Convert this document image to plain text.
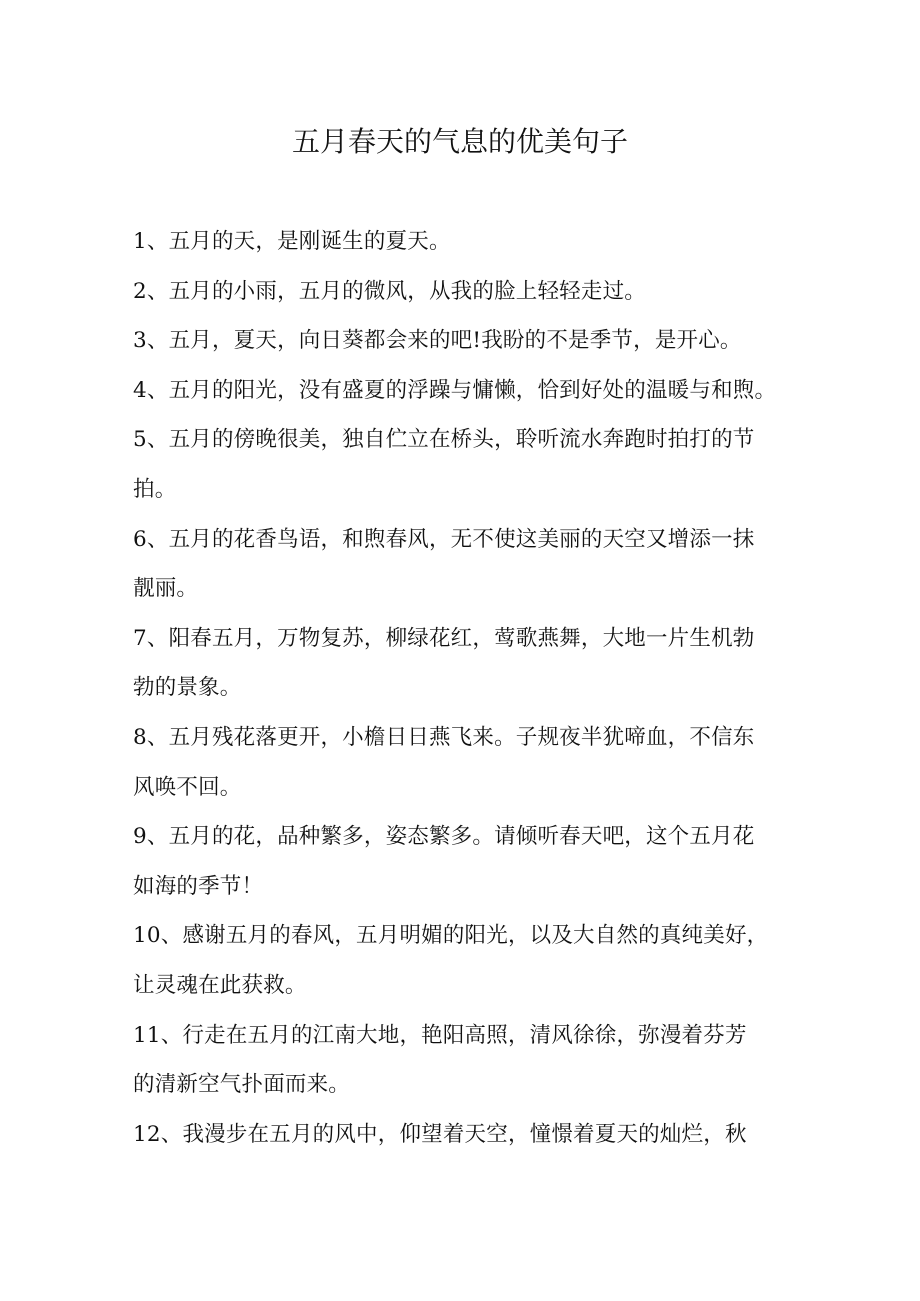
五月春天的气息的优美句子
1、五月的天，是刚诞生的夏天。
2、五月的小雨，五月的微风，从我的脸上轻轻走过。
3、五月，夏天，向日葵都会来的吧!我盼的不是季节，是开心。
4、五月的阳光，没有盛夏的浮躁与慵懒，恰到好处的温暖与和煦。
5、五月的傍晚很美，独自伫立在桥头，聆听流水奔跑时拍打的节
拍。
6、五月的花香鸟语，和煦春风，无不使这美丽的天空又增添一抹
靓丽。
7、阳春五月，万物复苏，柳绿花红，莺歌燕舞，大地一片生机勃
勃的景象。
8、五月残花落更开，小檐日日燕飞来。子规夜半犹啼血，不信东
风唤不回。
9、五月的花，品种繁多，姿态繁多。请倾听春天吧，这个五月花
如海的季节！
10、感谢五月的春风，五月明媚的阳光，以及大自然的真纯美好，
让灵魂在此获救。
11、行走在五月的江南大地，艳阳高照，清风徐徐，弥漫着芬芳
的清新空气扑面而来。
12、我漫步在五月的风中，仰望着天空，憧憬着夏天的灿烂，秋
